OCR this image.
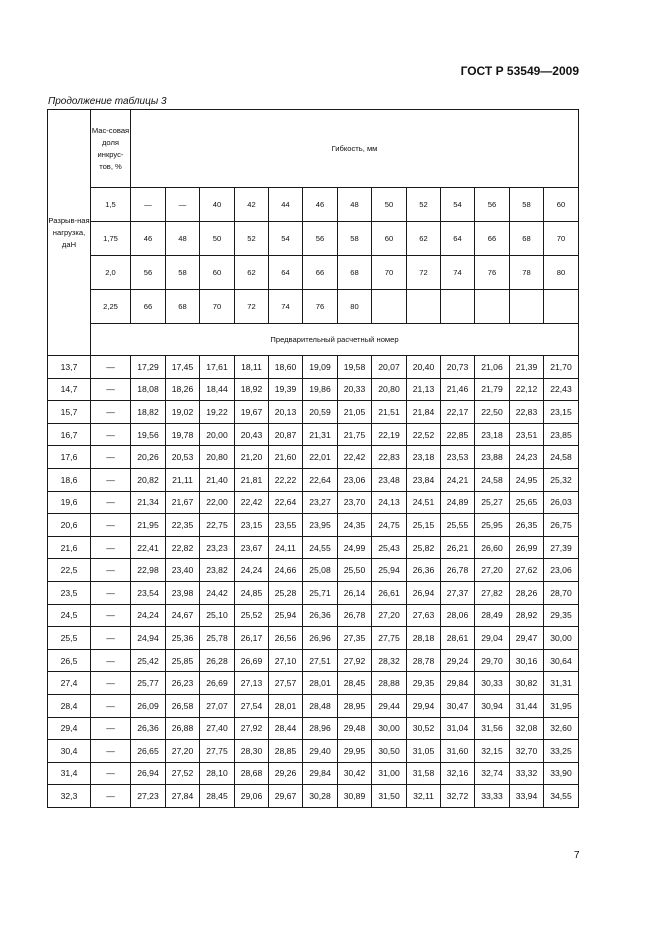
ГОСТ Р 53549—2009
Продолжение таблицы 3
Разрыв-ная нагрузка, даН	Мас-совая доля инкрус-тов, %	Гибкость, мм												
	1,5	—	—	40	42	44	46	48	50	52	54	56	58	60
	1,75	46	48	50	52	54	56	58	60	62	64	66	68	70
	2,0	56	58	60	62	64	66	68	70	72	74	76	78	80
	2,25	66	68	70	72	74	76	80						
	Предварительный расчетный номер													
13,7	—	17,29	17,45	17,61	18,11	18,60	19,09	19,58	20,07	20,40	20,73	21,06	21,39	21,70
14,7	—	18,08	18,26	18,44	18,92	19,39	19,86	20,33	20,80	21,13	21,46	21,79	22,12	22,43
15,7	—	18,82	19,02	19,22	19,67	20,13	20,59	21,05	21,51	21,84	22,17	22,50	22,83	23,15
16,7	—	19,56	19,78	20,00	20,43	20,87	21,31	21,75	22,19	22,52	22,85	23,18	23,51	23,85
17,6	—	20,26	20,53	20,80	21,20	21,60	22,01	22,42	22,83	23,18	23,53	23,88	24,23	24,58
18,6	—	20,82	21,11	21,40	21,81	22,22	22,64	23,06	23,48	23,84	24,21	24,58	24,95	25,32
19,6	—	21,34	21,67	22,00	22,42	22,64	23,27	23,70	24,13	24,51	24,89	25,27	25,65	26,03
20,6	—	21,95	22,35	22,75	23,15	23,55	23,95	24,35	24,75	25,15	25,55	25,95	26,35	26,75
21,6	—	22,41	22,82	23,23	23,67	24,11	24,55	24,99	25,43	25,82	26,21	26,60	26,99	27,39
22,5	—	22,98	23,40	23,82	24,24	24,66	25,08	25,50	25,94	26,36	26,78	27,20	27,62	23,06
23,5	—	23,54	23,98	24,42	24,85	25,28	25,71	26,14	26,61	26,94	27,37	27,82	28,26	28,70
24,5	—	24,24	24,67	25,10	25,52	25,94	26,36	26,78	27,20	27,63	28,06	28,49	28,92	29,35
25,5	—	24,94	25,36	25,78	26,17	26,56	26,96	27,35	27,75	28,18	28,61	29,04	29,47	30,00
26,5	—	25,42	25,85	26,28	26,69	27,10	27,51	27,92	28,32	28,78	29,24	29,70	30,16	30,64
27,4	—	25,77	26,23	26,69	27,13	27,57	28,01	28,45	28,88	29,35	29,84	30,33	30,82	31,31
28,4	—	26,09	26,58	27,07	27,54	28,01	28,48	28,95	29,44	29,94	30,47	30,94	31,44	31,95
29,4	—	26,36	26,88	27,40	27,92	28,44	28,96	29,48	30,00	30,52	31,04	31,56	32,08	32,60
30,4	—	26,65	27,20	27,75	28,30	28,85	29,40	29,95	30,50	31,05	31,60	32,15	32,70	33,25
31,4	—	26,94	27,52	28,10	28,68	29,26	29,84	30,42	31,00	31,58	32,16	32,74	33,32	33,90
32,3	—	27,23	27,84	28,45	29,06	29,67	30,28	30,89	31,50	32,11	32,72	33,33	33,94	34,55
7
